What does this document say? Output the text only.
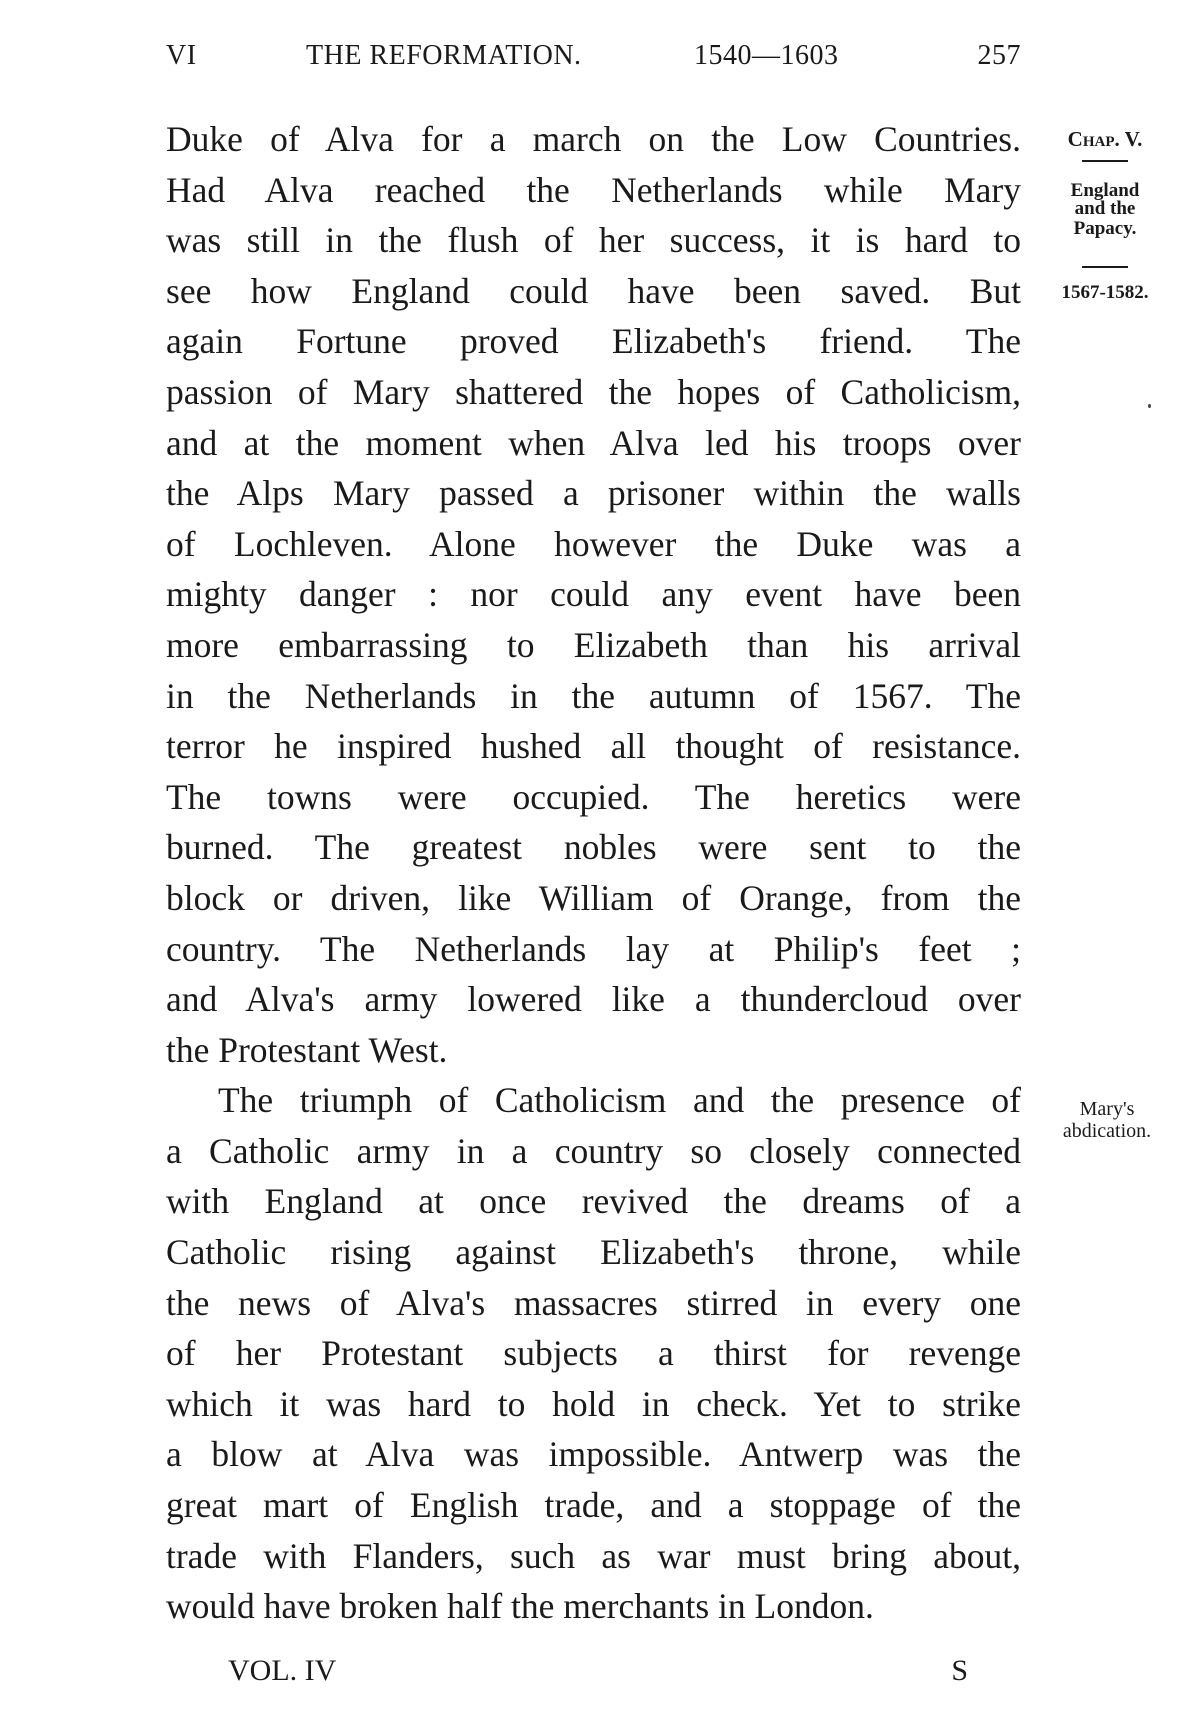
VI	THE REFORMATION.	1540—1603	257
Duke of Alva for a march on the Low Countries.
Had Alva reached the Netherlands while Mary
was still in the flush of her success, it is hard to
see how England could have been saved. But
again Fortune proved Elizabeth's friend. The
passion of Mary shattered the hopes of Catholicism,
and at the moment when Alva led his troops over
the Alps Mary passed a prisoner within the walls
of Lochleven. Alone however the Duke was a
mighty danger : nor could any event have been
more embarrassing to Elizabeth than his arrival
in the Netherlands in the autumn of 1567. The
terror he inspired hushed all thought of resistance.
The towns were occupied. The heretics were
burned. The greatest nobles were sent to the
block or driven, like William of Orange, from the
country. The Netherlands lay at Philip's feet ;
and Alva's army lowered like a thundercloud over
the Protestant West.
The triumph of Catholicism and the presence of
a Catholic army in a country so closely connected
with England at once revived the dreams of a
Catholic rising against Elizabeth's throne, while
the news of Alva's massacres stirred in every one
of her Protestant subjects a thirst for revenge
which it was hard to hold in check. Yet to strike
a blow at Alva was impossible. Antwerp was the
great mart of English trade, and a stoppage of the
trade with Flanders, such as war must bring about,
would have broken half the merchants in London.
Chap. V.
England
and the
Papacy.
1567-1582.
Mary's
abdication.
VOL. IV	S
